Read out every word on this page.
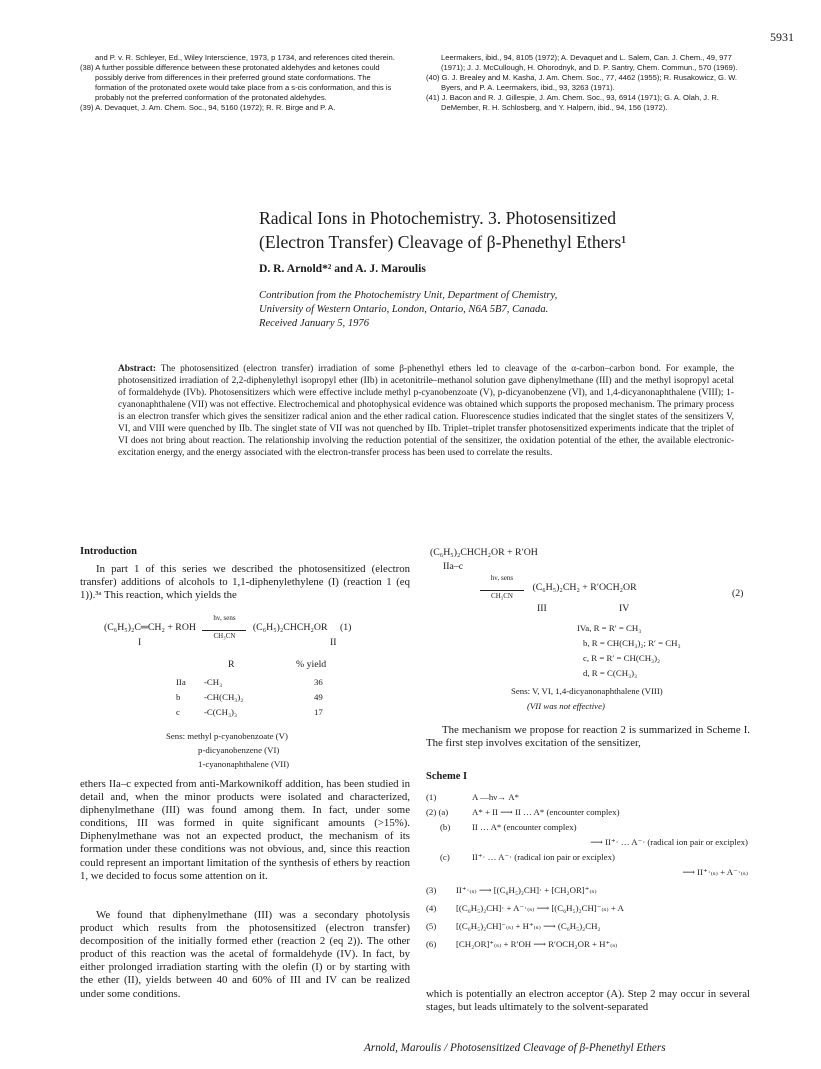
5931
and P. v. R. Schleyer, Ed., Wiley Interscience, 1973, p 1734, and references cited therein.
(38) A further possible difference between these protonated aldehydes and ketones could possibly derive from differences in their preferred ground state conformations. The formation of the protonated oxete would take place from a s-cis conformation, and this is probably not the preferred conformation of the protonated aldehydes.
(39) A. Devaquet, J. Am. Chem. Soc., 94, 5160 (1972); R. R. Birge and P. A.
Leermakers, ibid., 94, 8105 (1972); A. Devaquet and L. Salem, Can. J. Chem., 49, 977 (1971); J. J. McCullough, H. Ohorodnyk, and D. P. Santry, Chem. Commun., 570 (1969).
(40) G. J. Brealey and M. Kasha, J. Am. Chem. Soc., 77, 4462 (1955); R. Rusakowicz, G. W. Byers, and P. A. Leermakers, ibid., 93, 3263 (1971).
(41) J. Bacon and R. J. Gillespie, J. Am. Chem. Soc., 93, 6914 (1971); G. A. Olah, J. R. DeMember, R. H. Schlosberg, and Y. Halpern, ibid., 94, 156 (1972).
Radical Ions in Photochemistry. 3. Photosensitized
(Electron Transfer) Cleavage of β-Phenethyl Ethers¹
D. R. Arnold*² and A. J. Maroulis
Contribution from the Photochemistry Unit, Department of Chemistry,
University of Western Ontario, London, Ontario, N6A 5B7, Canada.
Received January 5, 1976
Abstract: The photosensitized (electron transfer) irradiation of some β-phenethyl ethers led to cleavage of the α-carbon–carbon bond. For example, the photosensitized irradiation of 2,2-diphenylethyl isopropyl ether (IIb) in acetonitrile–methanol solution gave diphenylmethane (III) and the methyl isopropyl acetal of formaldehyde (IVb). Photosensitizers which were effective include methyl p-cyanobenzoate (V), p-dicyanobenzene (VI), and 1,4-dicyanonaphthalene (VIII); 1-cyanonaphthalene (VII) was not effective. Electrochemical and photophysical evidence was obtained which supports the proposed mechanism. The primary process is an electron transfer which gives the sensitizer radical anion and the ether radical cation. Fluorescence studies indicated that the singlet states of the sensitizers V, VI, and VIII were quenched by IIb. The singlet state of VII was not quenched by IIb. Triplet–triplet transfer photosensitized experiments indicate that the triplet of VI does not bring about reaction. The relationship involving the reduction potential of the sensitizer, the oxidation potential of the ether, the available electronic-excitation energy, and the energy associated with the electron-transfer process has been used to correlate the results.
Introduction
In part 1 of this series we described the photosensitized (electron transfer) additions of alcohols to 1,1-diphenylethylene (I) (reaction 1 (eq 1)).³ᵃ This reaction, which yields the
(C₆H₅)₂C═CH₂ + ROH
hν, sens
CH₃CN
(C₆H₅)₂CHCH₂OR (1)
I	II
R	% yield
IIa -CH₃	36
b	-CH(CH₃)₂	49
c	-C(CH₃)₃	17
Sens: methyl p-cyanobenzoate (V)
p-dicyanobenzene (VI)
1-cyanonaphthalene (VII)
ethers IIa–c expected from anti-Markownikoff addition, has been studied in detail and, when the minor products were isolated and characterized, diphenylmethane (III) was found among them. In fact, under some conditions, III was formed in quite significant amounts (>15%). Diphenylmethane was not an expected product, the mechanism of its formation under these conditions was not obvious, and, since this reaction could represent an important limitation of the synthesis of ethers by reaction 1, we decided to focus some attention on it.
We found that diphenylmethane (III) was a secondary photolysis product which results from the photosensitized (electron transfer) decomposition of the initially formed ether (reaction 2 (eq 2)). The other product of this reaction was the acetal of formaldehyde (IV). In fact, by either prolonged irradiation starting with the olefin (I) or by starting with the ether (II), yields between 40 and 60% of III and IV can be realized under some conditions.
(C₆H₅)₂CHCH₂OR + R′OH
IIa–c
hν, sens
CH₃CN
(C₆H₅)₂CH₂ + R′OCH₂OR
(2)
III	IV
IVa, R = R′ = CH₃
b, R = CH(CH₃)₂; R′ = CH₃
c, R = R′ = CH(CH₃)₂
d, R = C(CH₃)₃
Sens: V, VI, 1,4-dicyanonaphthalene (VIII)
(VII was not effective)
The mechanism we propose for reaction 2 is summarized in Scheme I. The first step involves excitation of the sensitizer,
Scheme I
(1)	A —hν→ A*
(2) (a)	A* + II ⟶ II … A* (encounter complex)
(b) II … A* (encounter complex)
⟶ II⁺· … A⁻· (radical ion pair or exciplex)
(c)	II⁺· … A⁻· (radical ion pair or exciplex)
⟶ II⁺·₍ₛ₎ + A⁻·₍ₛ₎
(3) II⁺·₍ₛ₎ ⟶ [(C₆H₅)₂CH]· + [CH₂OR]⁺₍ₛ₎
(4) [(C₆H₅)₂CH]· + A⁻·₍ₛ₎ ⟶ [(C₆H₅)₂CH]⁻₍ₛ₎ + A
(5) [(C₆H₅)₂CH]⁻₍ₛ₎ + H⁺₍ₛ₎ ⟶ (C₆H₅)₂CH₂
(6) [CH₂OR]⁺₍ₛ₎ + R′OH ⟶ R′OCH₂OR + H⁺₍ₛ₎
which is potentially an electron acceptor (A). Step 2 may occur in several stages, but leads ultimately to the solvent-separated
Arnold, Maroulis / Photosensitized Cleavage of β-Phenethyl Ethers
